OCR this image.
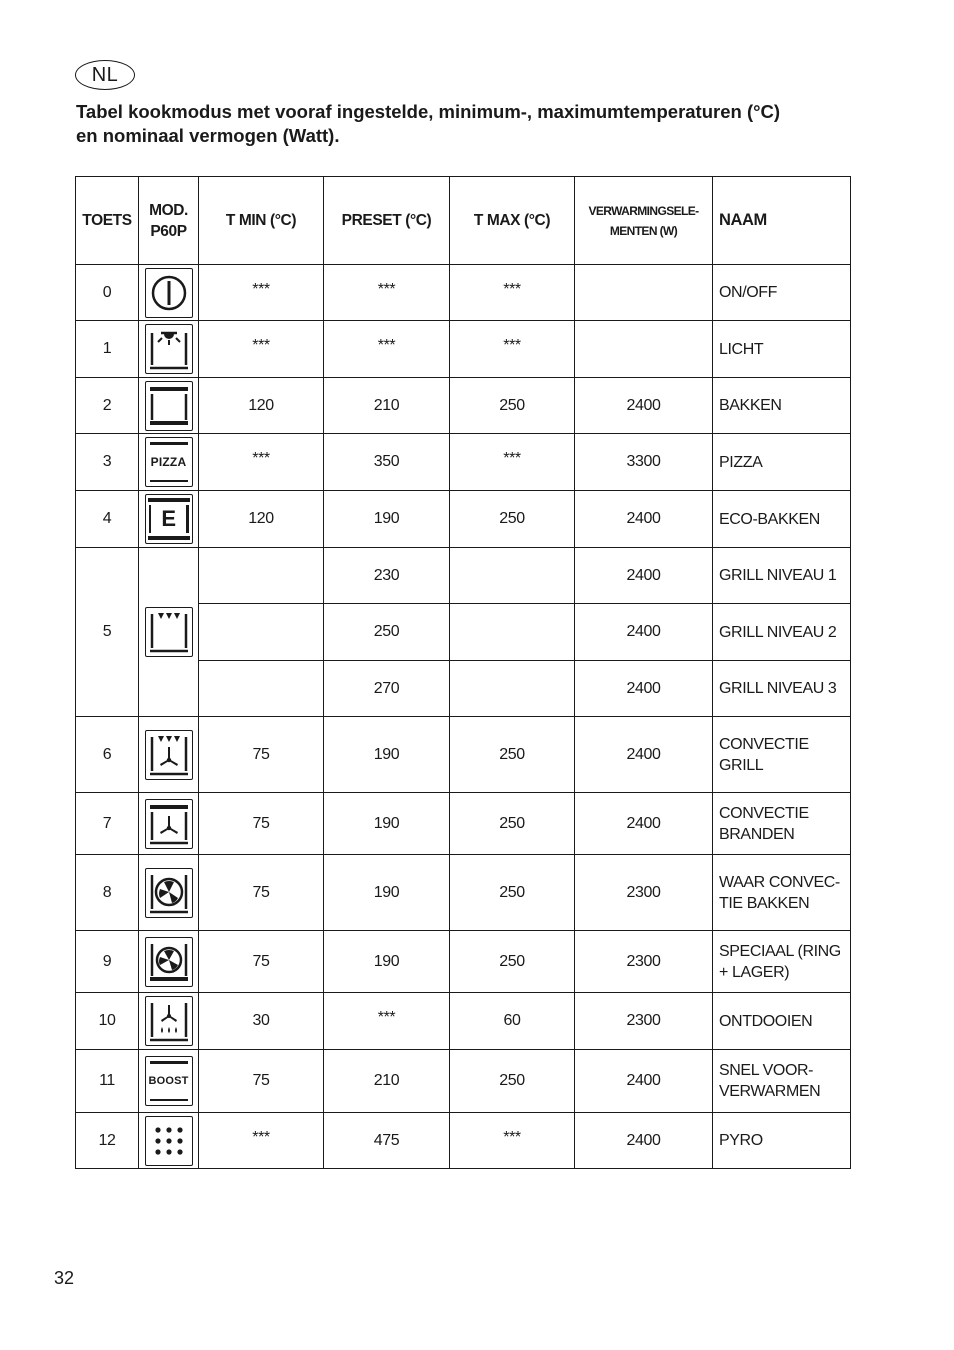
NL
Tabel kookmodus met vooraf ingestelde, minimum-, maximumtemperaturen (°C)
en nominaal vermogen (Watt).
TOETS	MOD. P60P	T MIN (°C)	PRESET (°C)	T MAX (°C)	VERWARMINGSELE-MENTEN (W)	NAAM
0		***	***	***		ON/OFF
1		***	***	***		LICHT
2		120	210	250	2400	BAKKEN
3	PIZZA	***	350	***	3300	PIZZA
4	E	120	190	250	2400	ECO-BAKKEN
5			230		2400	GRILL NIVEAU 1
			250		2400	GRILL NIVEAU 2
			270		2400	GRILL NIVEAU 3
6		75	190	250	2400	CONVECTIE
GRILL
7		75	190	250	2400	CONVECTIE
BRANDEN
8		75	190	250	2300	WAAR CONVEC-
TIE BAKKEN
9		75	190	250	2300	SPECIAAL (RING
+ LAGER)
10		30	***	60	2300	ONTDOOIEN
11	BOOST	75	210	250	2400	SNEL VOOR-
VERWARMEN
12		***	475	***	2400	PYRO
32
